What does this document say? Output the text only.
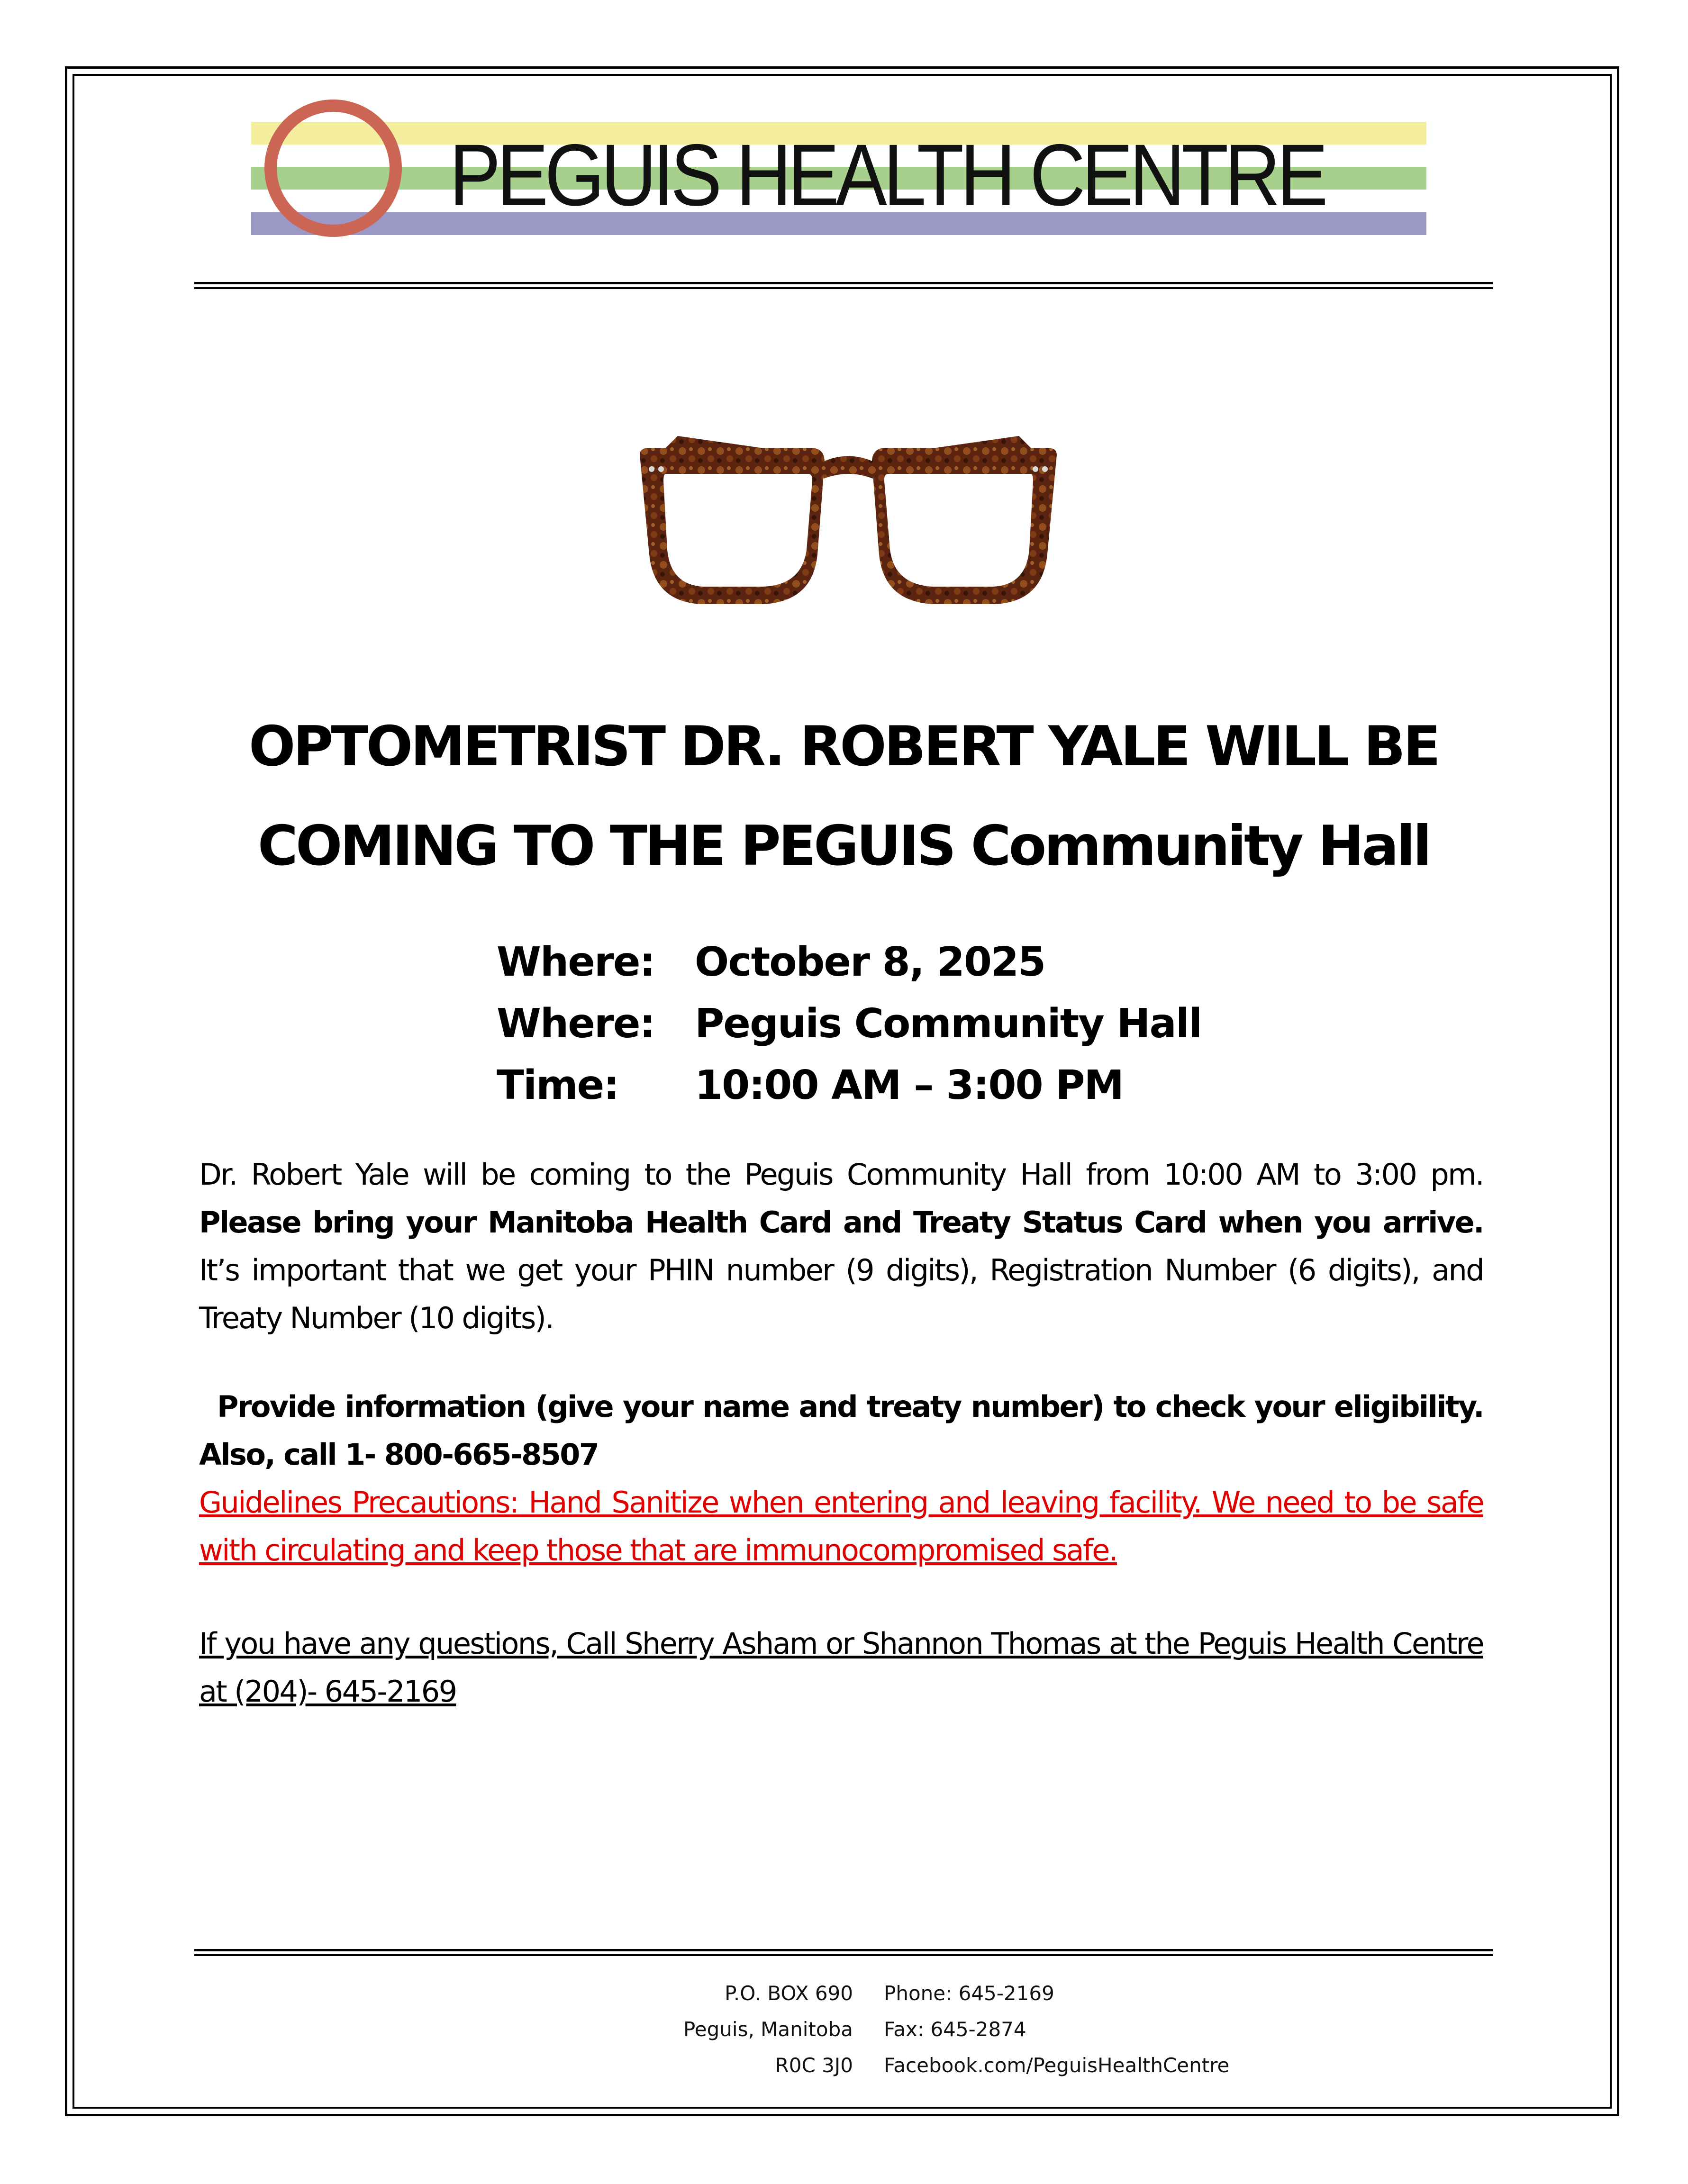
PEGUIS HEALTH CENTRE
OPTOMETRIST DR. ROBERT YALE WILL BE
COMING TO THE PEGUIS Community Hall
Where: October 8, 2025
Where: Peguis Community Hall
Time: 10:00 AM – 3:00 PM
Dr. Robert Yale will be coming to the Peguis Community Hall from 10:00 AM to 3:00 pm. Please bring your Manitoba Health Card and Treaty Status Card when you arrive. It’s important that we get your PHIN number (9 digits), Registration Number (6 digits), and Treaty Number (10 digits).
Provide information (give your name and treaty number) to check your eligibility. Also, call 1- 800-665-8507
Guidelines Precautions: Hand Sanitize when entering and leaving facility. We need to be safe with circulating and keep those that are immunocompromised safe.
If you have any questions, Call Sherry Asham or Shannon Thomas at the Peguis Health Centre at (204)- 645-2169
P.O. BOX 690
Peguis, Manitoba
R0C 3J0
Phone: 645-2169
Fax: 645-2874
Facebook.com/PeguisHealthCentre
